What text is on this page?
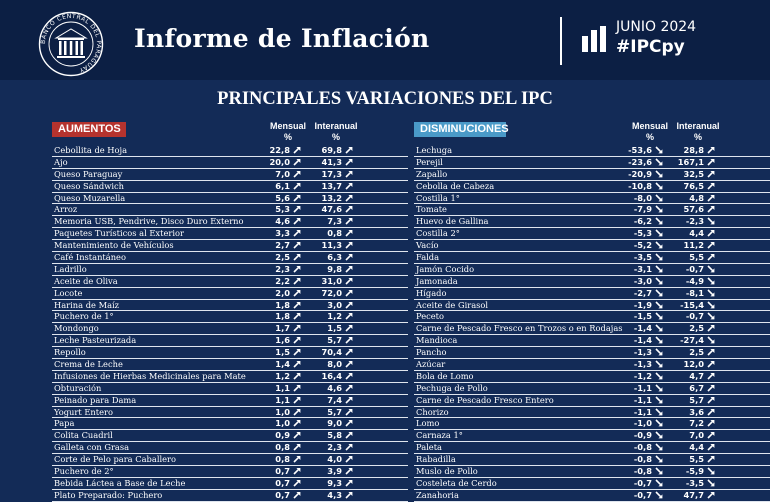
BANCO CENTRAL DEL PARAGUAY
Informe de Inflación	JUNIO 2024
#IPCpy
PRINCIPALES VARIACIONES DEL IPC
AUMENTOS	Mensual
%
Interanual
%
Cebollita de Hoja	22,8	69,8
Ajo	20,0	41,3
Queso Paraguay	7,0	17,3
Queso Sándwich	6,1	13,7
Queso Muzarella	5,6	13,2
Arroz	5,3	47,6
Memoria USB, Pendrive, Disco Duro Externo	4,6	7,3
Paquetes Turísticos al Exterior	3,3	0,8
Mantenimiento de Vehículos	2,7	11,3
Café Instantáneo	2,5	6,3
Ladrillo	2,3	9,8
Aceite de Oliva	2,2	31,0
Locote	2,0	72,0
Harina de Maíz	1,8	3,0
Puchero de 1°	1,8	1,2
Mondongo	1,7	1,5
Leche Pasteurizada	1,6	5,7
Repollo	1,5	70,4
Crema de Leche	1,4	8,0
Infusiones de Hierbas Medicinales para Mate	1,2	16,4
Obturación	1,1	4,6
Peinado para Dama	1,1	7,4
Yogurt Entero	1,0	5,7
Papa	1,0	9,0
Colita Cuadril	0,9	5,8
Galleta con Grasa	0,8	2,3
Corte de Pelo para Caballero	0,8	4,0
Puchero de 2°	0,7	3,9
Bebida Láctea a Base de Leche	0,7	9,3
Plato Preparado: Puchero	0,7	4,3
DISMINUCIONES	Mensual
%
Interanual
%
Lechuga	-53,6	28,8
Perejil	-23,6	167,1
Zapallo	-20,9	32,5
Cebolla de Cabeza	-10,8	76,5
Costilla 1°	-8,0	4,8
Tomate	-7,9	57,6
Huevo de Gallina	-6,2	-2,3
Costilla 2°	-5,3	4,4
Vacío	-5,2	11,2
Falda	-3,5	5,5
Jamón Cocido	-3,1	-0,7
Jamonada	-3,0	-4,9
Hígado	-2,7	-8,1
Aceite de Girasol	-1,9	-15,4
Peceto	-1,5	-0,7
Carne de Pescado Fresco en Trozos o en Rodajas	-1,4	2,5
Mandioca	-1,4	-27,4
Pancho	-1,3	2,5
Azúcar	-1,3	12,0
Bola de Lomo	-1,2	4,7
Pechuga de Pollo	-1,1	6,7
Carne de Pescado Fresco Entero	-1,1	5,7
Chorizo	-1,1	3,6
Lomo	-1,0	7,2
Carnaza 1°	-0,9	7,0
Paleta	-0,8	4,4
Rabadilla	-0,8	5,5
Muslo de Pollo	-0,8	-5,9
Costeleta de Cerdo	-0,7	-3,5
Zanahoria	-0,7	47,7
